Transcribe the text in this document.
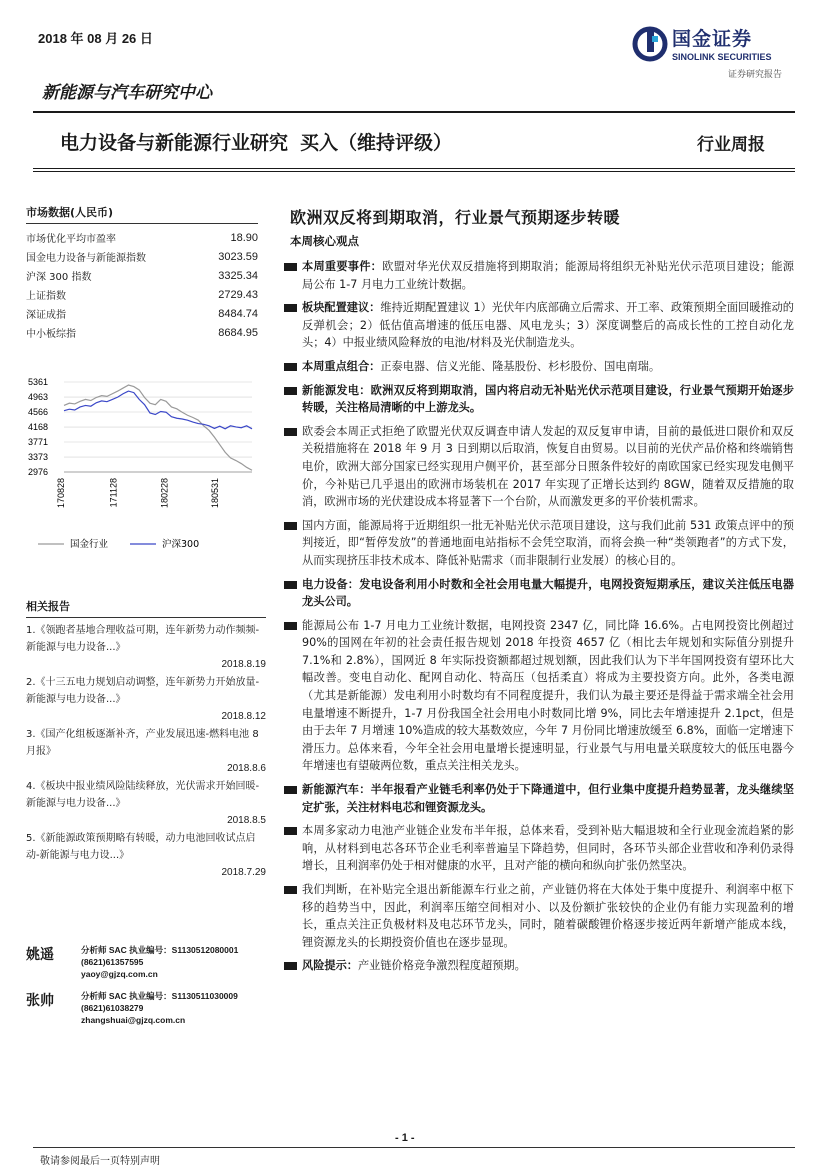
2018 年 08 月 26 日	国金证券
SINOLINK SECURITIES
证券研究报告
新能源与汽车研究中心
电力设备与新能源行业研究 买入（维持评级）	行业周报
市场数据(人民币)
市场优化平均市盈率	18.90
国金电力设备与新能源指数	3023.59
沪深 300 指数	3325.34
上证指数	2729.43
深证成指	8484.74
中小板综指	8684.95
5361
4963
4566
4168
3771
3373
2976
170828	171128	180228	180531
国金行业	沪深300
相关报告
1.《领跑者基地合理收益可期，连年新势力动作频频-新能源与电力设备...》
2018.8.19
2.《十三五电力规划启动调整，连年新势力开始放量-新能源与电力设备...》
2018.8.12
3.《国产化组板逐渐补齐，产业发展迅速-燃料电池 8 月报》
2018.8.6
4.《板块中报业绩风险陆续释放，光伏需求开始回暖-新能源与电力设备...》
2018.8.5
5.《新能源政策预期略有转暖，动力电池回收试点启动-新能源与电力设...》
2018.7.29
姚遥	分析师 SAC 执业编号：S1130512080001
(8621)61357595
yaoy@gjzq.com.cn
张帅	分析师 SAC 执业编号：S1130511030009
(8621)61038279
zhangshuai@gjzq.com.cn
欧洲双反将到期取消，行业景气预期逐步转暖
本周核心观点
本周重要事件：欧盟对华光伏双反措施将到期取消；能源局将组织无补贴光伏示范项目建设；能源局公布 1-7 月电力工业统计数据。
板块配置建议：维持近期配置建议 1）光伏年内底部确立后需求、开工率、政策预期全面回暖推动的反弹机会；2）低估值高增速的低压电器、风电龙头；3）深度调整后的高成长性的工控自动化龙头；4）中报业绩风险释放的电池/材料及光伏制造龙头。
本周重点组合：正泰电器、信义光能、隆基股份、杉杉股份、国电南瑞。
新能源发电：欧洲双反将到期取消，国内将启动无补贴光伏示范项目建设，行业景气预期开始逐步转暖，关注格局清晰的中上游龙头。
欧委会本周正式拒绝了欧盟光伏双反调查申请人发起的双反复审申请，目前的最低进口限价和双反关税措施将在 2018 年 9 月 3 日到期以后取消，恢复自由贸易。以目前的光伏产品价格和终端销售电价，欧洲大部分国家已经实现用户侧平价，甚至部分日照条件较好的南欧国家已经实现发电侧平价，今补贴已几乎退出的欧洲市场装机在 2017 年实现了正增长达到约 8GW，随着双反措施的取消，欧洲市场的光伏建设成本将显著下一个台阶，从而激发更多的平价装机需求。
国内方面，能源局将于近期组织一批无补贴光伏示范项目建设，这与我们此前 531 政策点评中的预判接近，即“暂停发放”的普通地面电站指标不会凭空取消，而将会换一种“类领跑者”的方式下发，从而实现挤压非技术成本、降低补贴需求（而非限制行业发展）的核心目的。
电力设备：发电设备利用小时数和全社会用电量大幅提升，电网投资短期承压，建议关注低压电器龙头公司。
能源局公布 1-7 月电力工业统计数据，电网投资 2347 亿，同比降 16.6%。占电网投资比例超过 90%的国网在年初的社会责任报告规划 2018 年投资 4657 亿（相比去年规划和实际值分别提升 7.1%和 2.8%），国网近 8 年实际投资额都超过规划额，因此我们认为下半年国网投资有望环比大幅改善。变电自动化、配网自动化、特高压（包括柔直）将成为主要投资方向。此外，各类电源（尤其是新能源）发电利用小时数均有不同程度提升，我们认为最主要还是得益于需求端全社会用电量增速不断提升，1-7 月份我国全社会用电小时数同比增 9%，同比去年增速提升 2.1pct，但是由于去年 7 月增速 10%造成的较大基数效应，今年 7 月份同比增速放缓至 6.8%，面临一定增速下滑压力。总体来看，今年全社会用电量增长提速明显，行业景气与用电量关联度较大的低压电器今年增速也有望破两位数，重点关注相关龙头。
新能源汽车：半年报看产业链毛利率仍处于下降通道中，但行业集中度提升趋势显著，龙头继续坚定扩张，关注材料电芯和锂资源龙头。
本周多家动力电池产业链企业发布半年报，总体来看，受到补贴大幅退坡和全行业现金流趋紧的影响，从材料到电芯各环节企业毛利率普遍呈下降趋势，但同时，各环节头部企业营收和净利仍录得增长，且利润率仍处于相对健康的水平，且对产能的横向和纵向扩张仍然坚决。
我们判断，在补贴完全退出新能源车行业之前，产业链仍将在大体处于集中度提升、利润率中枢下移的趋势当中，因此，利润率压缩空间相对小、以及份额扩张较快的企业仍有能力实现盈利的增长，重点关注正负极材料及电芯环节龙头，同时，随着碳酸锂价格逐步接近两年新增产能成本线，锂资源龙头的长期投资价值也在逐步显现。
风险提示：产业链价格竞争激烈程度超预期。
- 1 -
敬请参阅最后一页特别声明
